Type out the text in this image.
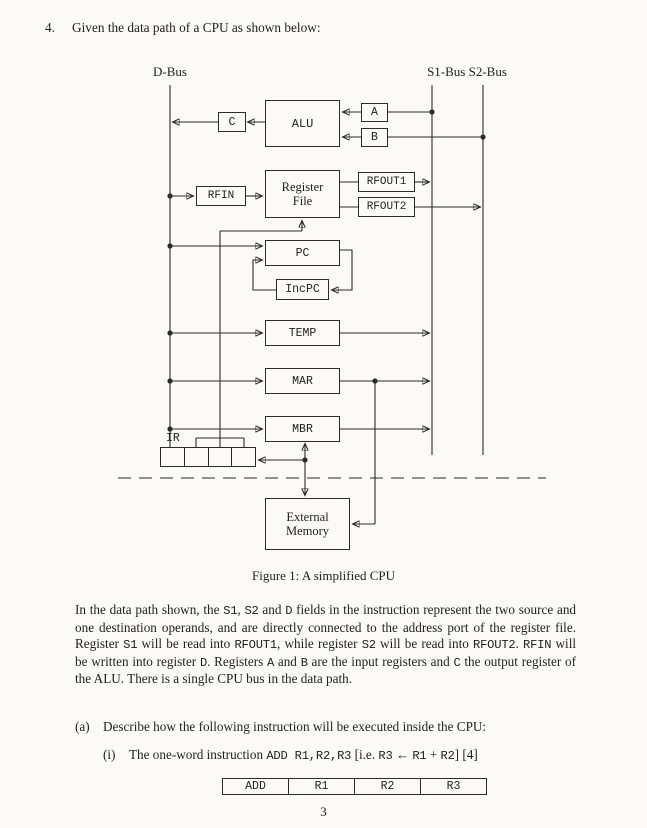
4. Given the data path of a CPU as shown below:
D-Bus	S1-Bus S2-Bus
ALU
C
A
B
Register File
RFIN
RFOUT1
RFOUT2
PC
IncPC
TEMP
MAR
MBR
IR
External Memory
Figure 1: A simplified CPU
In the data path shown, the S1, S2 and D fields in the instruction represent the two source and one destination operands, and are directly connected to the address port of the register file. Register S1 will be read into RFOUT1, while register S2 will be read into RFOUT2. RFIN will be written into register D. Registers A and B are the input registers and C the output register of the ALU. There is a single CPU bus in the data path.
(a) Describe how the following instruction will be executed inside the CPU:
(i) The one-word instruction ADD R1,R2,R3 [i.e. R3 ← R1 + R2] [4]
ADD	R1	R2	R3
3
